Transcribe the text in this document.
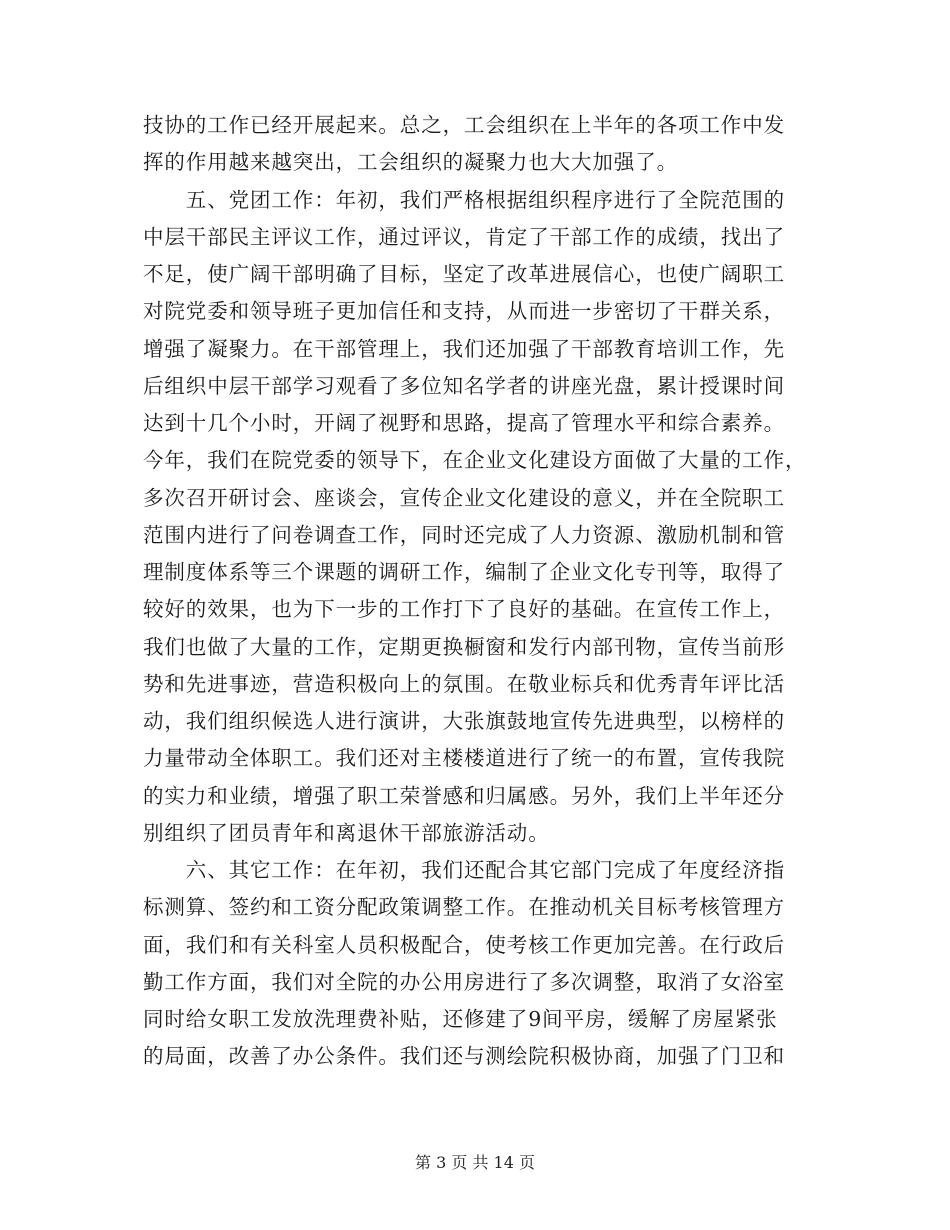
技协的工作已经开展起来。总之，工会组织在上半年的各项工作中发
挥的作用越来越突出，工会组织的凝聚力也大大加强了。
　　五、党团工作：年初，我们严格根据组织程序进行了全院范围的
中层干部民主评议工作，通过评议，肯定了干部工作的成绩，找出了
不足，使广阔干部明确了目标，坚定了改革进展信心，也使广阔职工
对院党委和领导班子更加信任和支持，从而进一步密切了干群关系，
增强了凝聚力。在干部管理上，我们还加强了干部教育培训工作，先
后组织中层干部学习观看了多位知名学者的讲座光盘，累计授课时间
达到十几个小时，开阔了视野和思路，提高了管理水平和综合素养。
今年，我们在院党委的领导下，在企业文化建设方面做了大量的工作，
多次召开研讨会、座谈会，宣传企业文化建设的意义，并在全院职工
范围内进行了问卷调查工作，同时还完成了人力资源、激励机制和管
理制度体系等三个课题的调研工作，编制了企业文化专刊等，取得了
较好的效果，也为下一步的工作打下了良好的基础。在宣传工作上，
我们也做了大量的工作，定期更换橱窗和发行内部刊物，宣传当前形
势和先进事迹，营造积极向上的氛围。在敬业标兵和优秀青年评比活
动，我们组织候选人进行演讲，大张旗鼓地宣传先进典型，以榜样的
力量带动全体职工。我们还对主楼楼道进行了统一的布置，宣传我院
的实力和业绩，增强了职工荣誉感和归属感。另外，我们上半年还分
别组织了团员青年和离退休干部旅游活动。
　　六、其它工作：在年初，我们还配合其它部门完成了年度经济指
标测算、签约和工资分配政策调整工作。在推动机关目标考核管理方
面，我们和有关科室人员积极配合，使考核工作更加完善。在行政后
勤工作方面，我们对全院的办公用房进行了多次调整，取消了女浴室
同时给女职工发放洗理费补贴，还修建了9间平房，缓解了房屋紧张
的局面，改善了办公条件。我们还与测绘院积极协商，加强了门卫和
第 3 页 共 14 页
